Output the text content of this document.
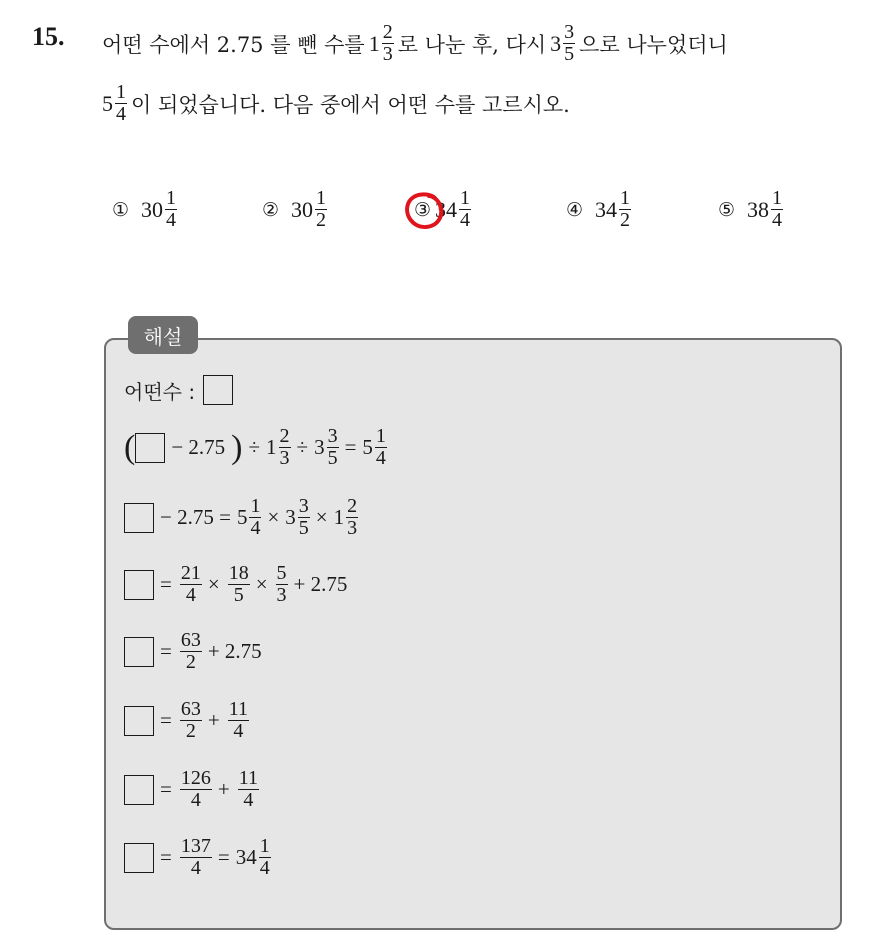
15. 어떤 수에서 2.75 를 뺀 수를 $1 \frac{2}{3}$ 로 나눈 후, 다시 $3 \frac{3}{5}$ 으로 나누었더니
$5 \frac{1}{4}$ 이 되었습니다. 다음 중에서 어떤 수를 고르시오.
① $30 \frac{1}{4}$	② $30 \frac{1}{2}$	③ $34 \frac{1}{4}$	④ $34 \frac{1}{2}$	⑤ $38 \frac{1}{4}$
해설
어떤수 :
( − 2.75 ) ÷ $1 \frac{2}{3} \div 3 \frac{3}{5} = 5 \frac{1}{4}$
− $2.75 = 5 \frac{1}{4} \times 3 \frac{3}{5} \times 1 \frac{2}{3}$
= $\frac{21}{4} \times \frac{18}{5} \times \frac{5}{3} + 2.75$
= $\frac{63}{2} + 2.75$
= $\frac{63}{2} + \frac{11}{4}$
= $\frac{126}{4} + \frac{11}{4}$
= $\frac{137}{4} = 34 \frac{1}{4}$
